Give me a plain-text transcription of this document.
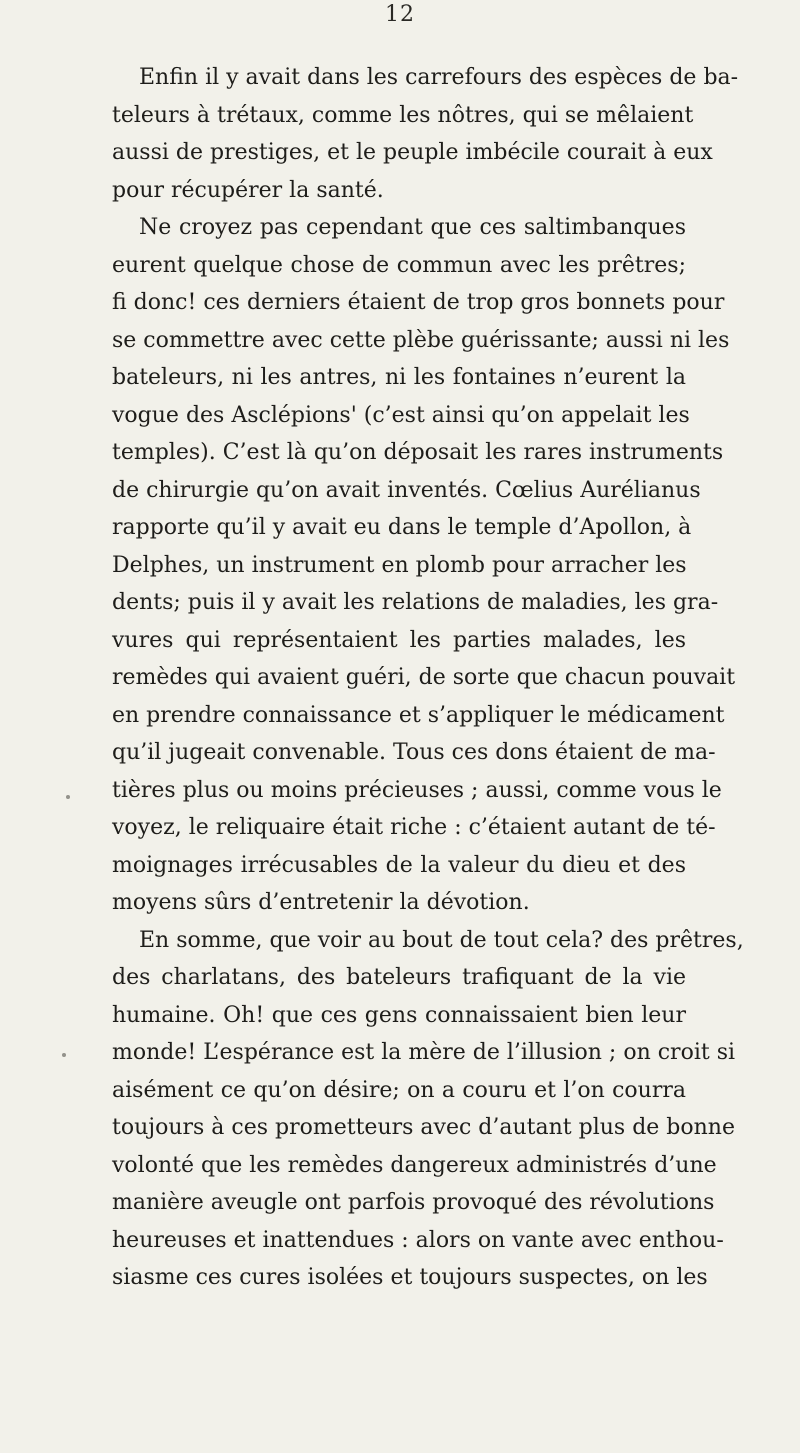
12
Enfin il y avait dans les carrefours des espèces de ba-
teleurs à trétaux, comme les nôtres, qui se mêlaient
aussi de prestiges, et le peuple imbécile courait à eux
pour récupérer la santé.
Ne croyez pas cependant que ces saltimbanques
eurent quelque chose de commun avec les prêtres;
fi donc! ces derniers étaient de trop gros bonnets pour
se commettre avec cette plèbe guérissante; aussi ni les
bateleurs, ni les antres, ni les fontaines n’eurent la
vogue des Asclépions' (c’est ainsi qu’on appelait les
temples). C’est là qu’on déposait les rares instruments
de chirurgie qu’on avait inventés. Cœlius Aurélianus
rapporte qu’il y avait eu dans le temple d’Apollon, à
Delphes, un instrument en plomb pour arracher les
dents; puis il y avait les relations de maladies, les gra-
vures qui représentaient les parties malades, les
remèdes qui avaient guéri, de sorte que chacun pouvait
en prendre connaissance et s’appliquer le médicament
qu’il jugeait convenable. Tous ces dons étaient de ma-
tières plus ou moins précieuses ; aussi, comme vous le
voyez, le reliquaire était riche : c’étaient autant de té-
moignages irrécusables de la valeur du dieu et des
moyens sûrs d’entretenir la dévotion.
En somme, que voir au bout de tout cela? des prêtres,
des charlatans, des bateleurs trafiquant de la vie
humaine. Oh! que ces gens connaissaient bien leur
monde! L’espérance est la mère de l’illusion ; on croit si
aisément ce qu’on désire; on a couru et l’on courra
toujours à ces prometteurs avec d’autant plus de bonne
volonté que les remèdes dangereux administrés d’une
manière aveugle ont parfois provoqué des révolutions
heureuses et inattendues : alors on vante avec enthou-
siasme ces cures isolées et toujours suspectes, on les
